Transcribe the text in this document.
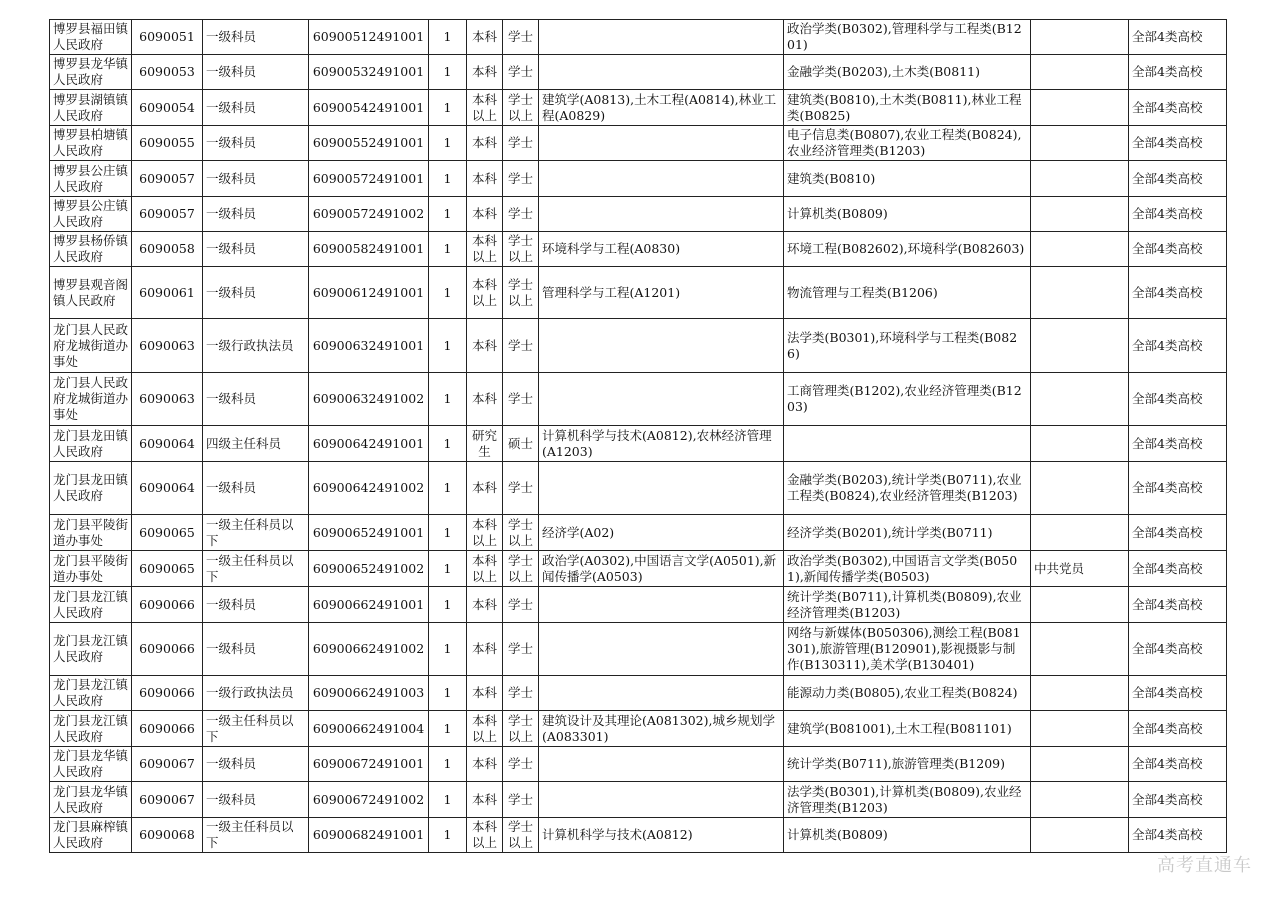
博罗县福田镇人民政府	6090051	一级科员	60900512491001	1	本科	学士		政治学类(B0302),管理科学与工程类(B1201)		全部4类高校
博罗县龙华镇人民政府	6090053	一级科员	60900532491001	1	本科	学士		金融学类(B0203),土木类(B0811)		全部4类高校
博罗县湖镇镇人民政府	6090054	一级科员	60900542491001	1	本科以上	学士以上	建筑学(A0813),土木工程(A0814),林业工程(A0829)	建筑类(B0810),土木类(B0811),林业工程类(B0825)		全部4类高校
博罗县柏塘镇人民政府	6090055	一级科员	60900552491001	1	本科	学士		电子信息类(B0807),农业工程类(B0824),农业经济管理类(B1203)		全部4类高校
博罗县公庄镇人民政府	6090057	一级科员	60900572491001	1	本科	学士		建筑类(B0810)		全部4类高校
博罗县公庄镇人民政府	6090057	一级科员	60900572491002	1	本科	学士		计算机类(B0809)		全部4类高校
博罗县杨侨镇人民政府	6090058	一级科员	60900582491001	1	本科以上	学士以上	环境科学与工程(A0830)	环境工程(B082602),环境科学(B082603)		全部4类高校
博罗县观音阁镇人民政府	6090061	一级科员	60900612491001	1	本科以上	学士以上	管理科学与工程(A1201)	物流管理与工程类(B1206)		全部4类高校
龙门县人民政府龙城街道办事处	6090063	一级行政执法员	60900632491001	1	本科	学士		法学类(B0301),环境科学与工程类(B0826)		全部4类高校
龙门县人民政府龙城街道办事处	6090063	一级科员	60900632491002	1	本科	学士		工商管理类(B1202),农业经济管理类(B1203)		全部4类高校
龙门县龙田镇人民政府	6090064	四级主任科员	60900642491001	1	研究生	硕士	计算机科学与技术(A0812),农林经济管理(A1203)			全部4类高校
龙门县龙田镇人民政府	6090064	一级科员	60900642491002	1	本科	学士		金融学类(B0203),统计学类(B0711),农业工程类(B0824),农业经济管理类(B1203)		全部4类高校
龙门县平陵街道办事处	6090065	一级主任科员以下	60900652491001	1	本科以上	学士以上	经济学(A02)	经济学类(B0201),统计学类(B0711)		全部4类高校
龙门县平陵街道办事处	6090065	一级主任科员以下	60900652491002	1	本科以上	学士以上	政治学(A0302),中国语言文学(A0501),新闻传播学(A0503)	政治学类(B0302),中国语言文学类(B0501),新闻传播学类(B0503)	中共党员	全部4类高校
龙门县龙江镇人民政府	6090066	一级科员	60900662491001	1	本科	学士		统计学类(B0711),计算机类(B0809),农业经济管理类(B1203)		全部4类高校
龙门县龙江镇人民政府	6090066	一级科员	60900662491002	1	本科	学士		网络与新媒体(B050306),测绘工程(B081301),旅游管理(B120901),影视摄影与制作(B130311),美术学(B130401)		全部4类高校
龙门县龙江镇人民政府	6090066	一级行政执法员	60900662491003	1	本科	学士		能源动力类(B0805),农业工程类(B0824)		全部4类高校
龙门县龙江镇人民政府	6090066	一级主任科员以下	60900662491004	1	本科以上	学士以上	建筑设计及其理论(A081302),城乡规划学(A083301)	建筑学(B081001),土木工程(B081101)		全部4类高校
龙门县龙华镇人民政府	6090067	一级科员	60900672491001	1	本科	学士		统计学类(B0711),旅游管理类(B1209)		全部4类高校
龙门县龙华镇人民政府	6090067	一级科员	60900672491002	1	本科	学士		法学类(B0301),计算机类(B0809),农业经济管理类(B1203)		全部4类高校
龙门县麻榨镇人民政府	6090068	一级主任科员以下	60900682491001	1	本科以上	学士以上	计算机科学与技术(A0812)	计算机类(B0809)		全部4类高校
高考直通车
